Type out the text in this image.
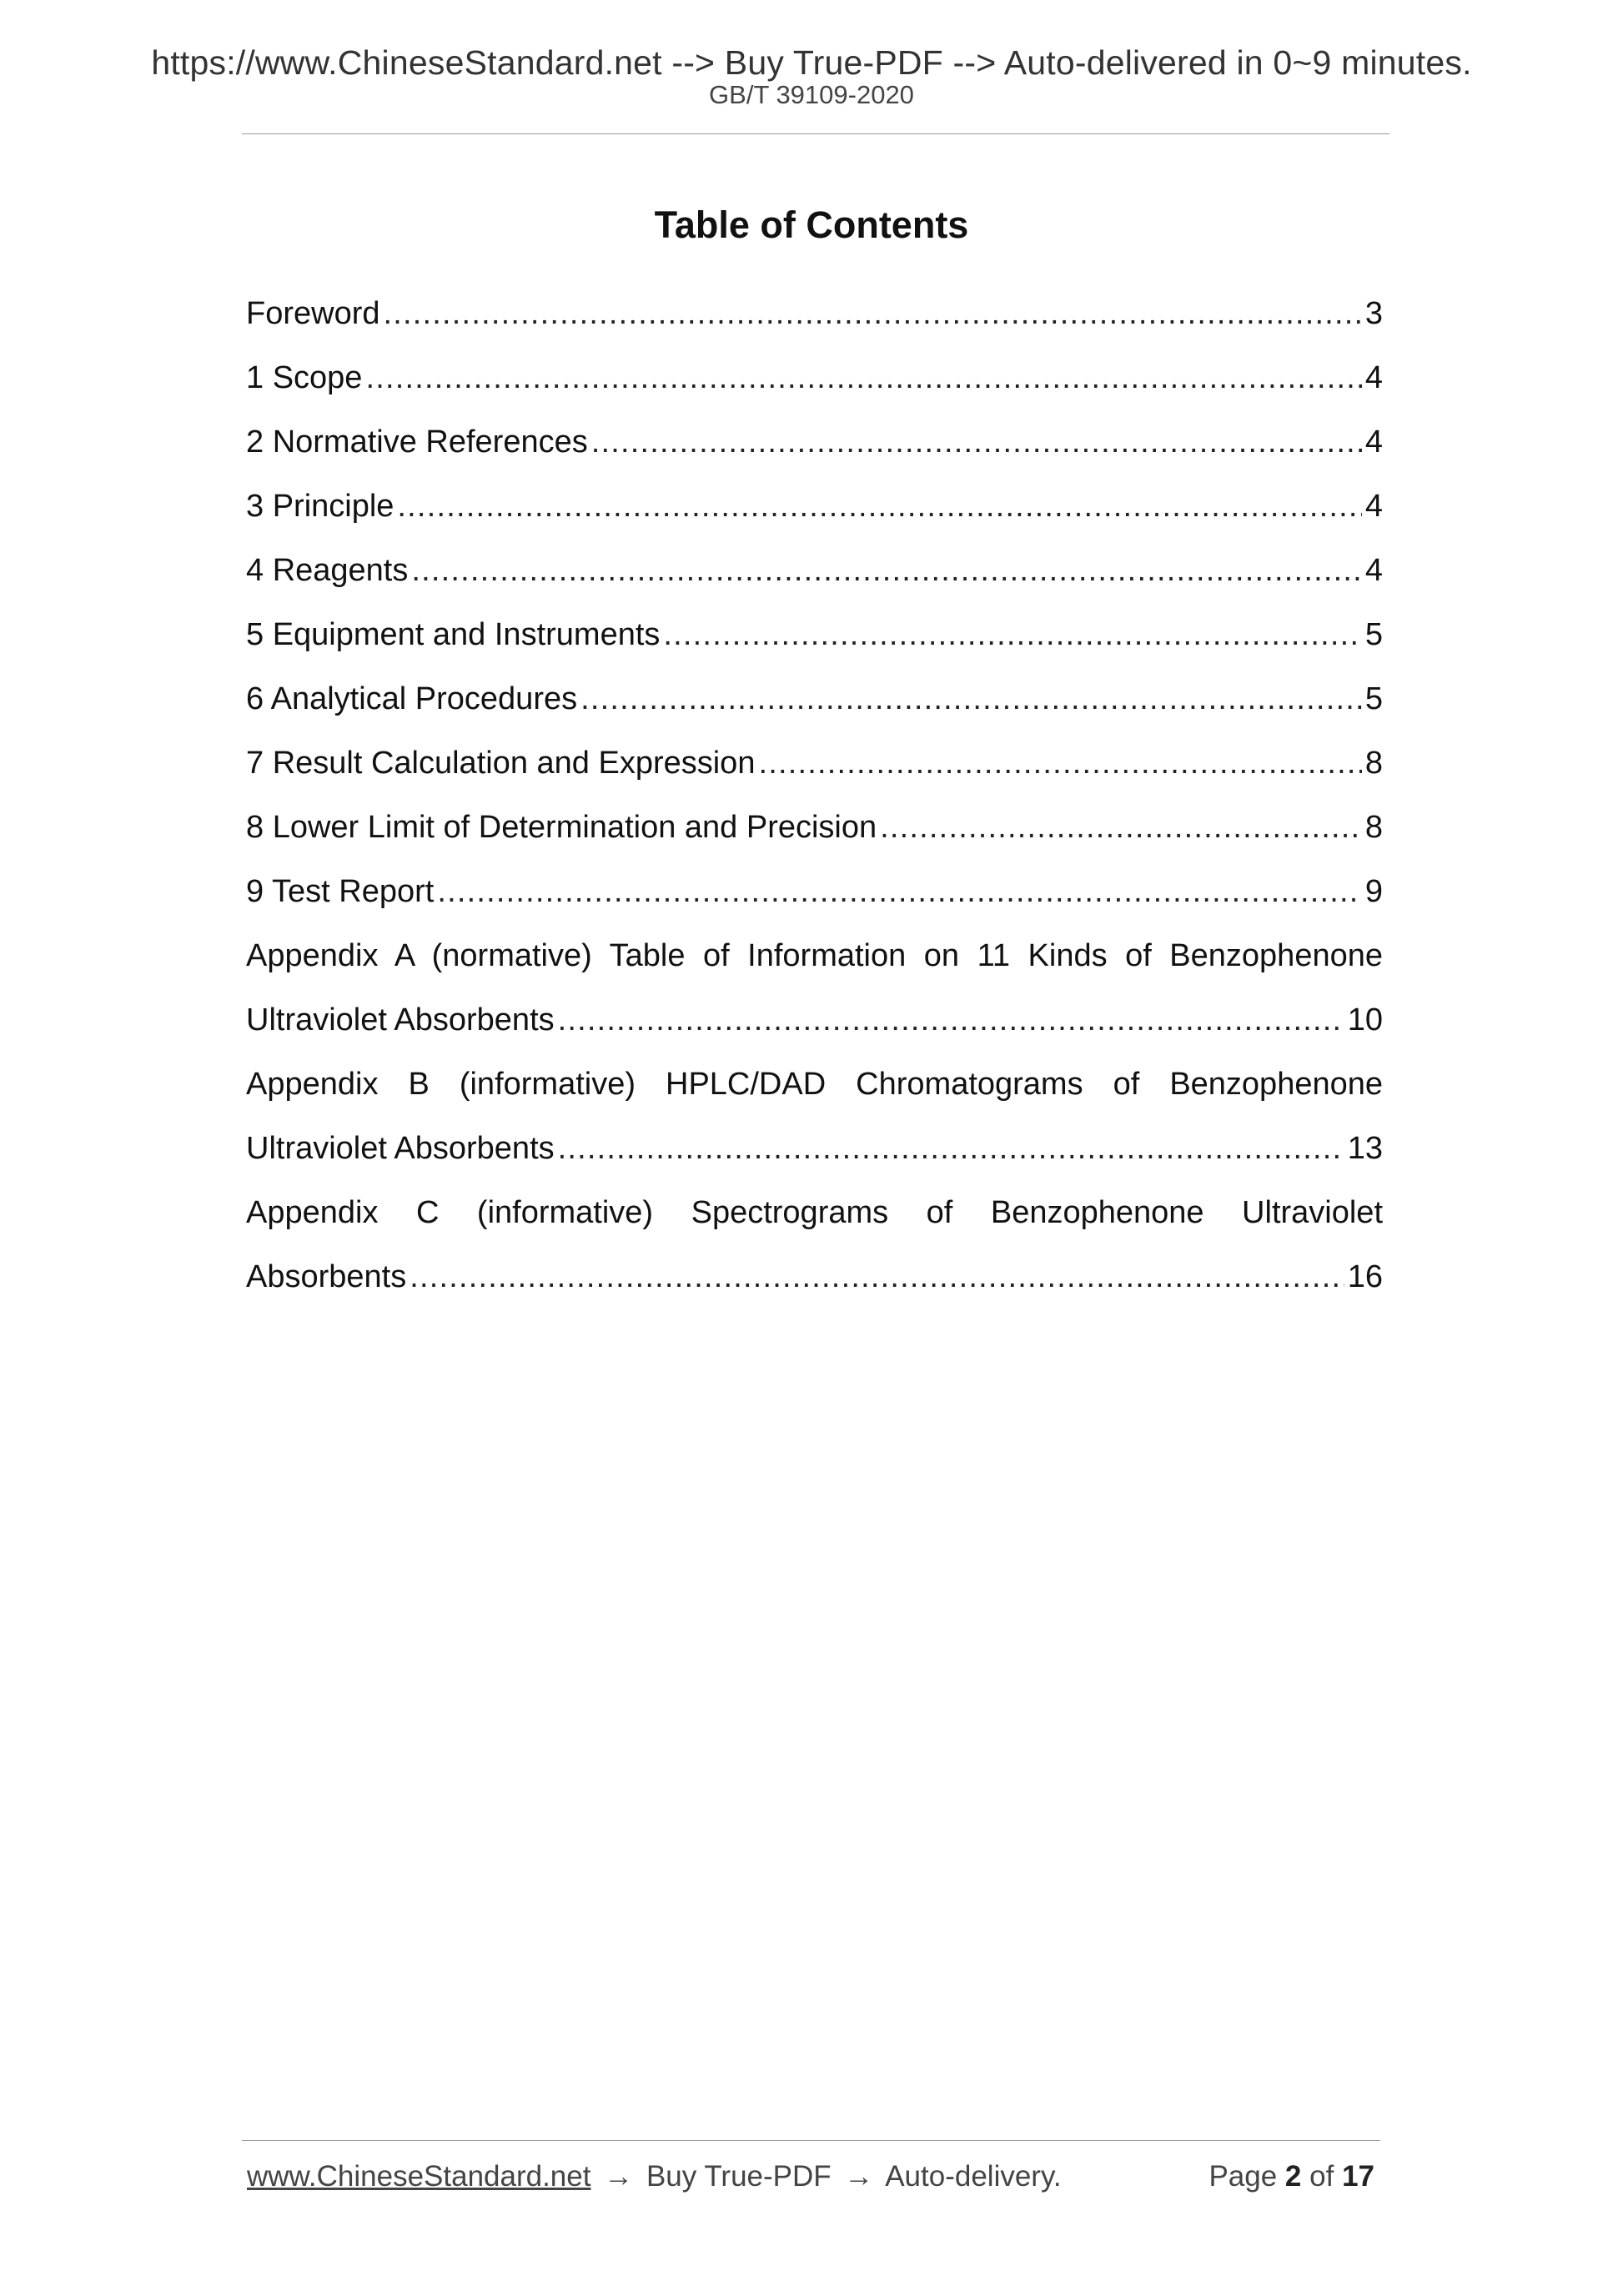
https://www.ChineseStandard.net --> Buy True-PDF --> Auto-delivered in 0~9 minutes.
GB/T 39109-2020
Table of Contents
Foreword .....	3
1 Scope .....	4
2 Normative References .....	4
3 Principle .....	4
4 Reagents .....	4
5 Equipment and Instruments .....	5
6 Analytical Procedures .....	5
7 Result Calculation and Expression .....	8
8 Lower Limit of Determination and Precision .....	8
9 Test Report .....	9
Appendix A (normative) Table of Information on 11 Kinds of Benzophenone
Ultraviolet Absorbents .....	10
Appendix B (informative) HPLC/DAD Chromatograms of Benzophenone
Ultraviolet Absorbents .....	13
Appendix C (informative) Spectrograms of Benzophenone Ultraviolet
Absorbents .....	16
www.ChineseStandard.net → Buy True-PDF → Auto-delivery.	Page 2 of 17
